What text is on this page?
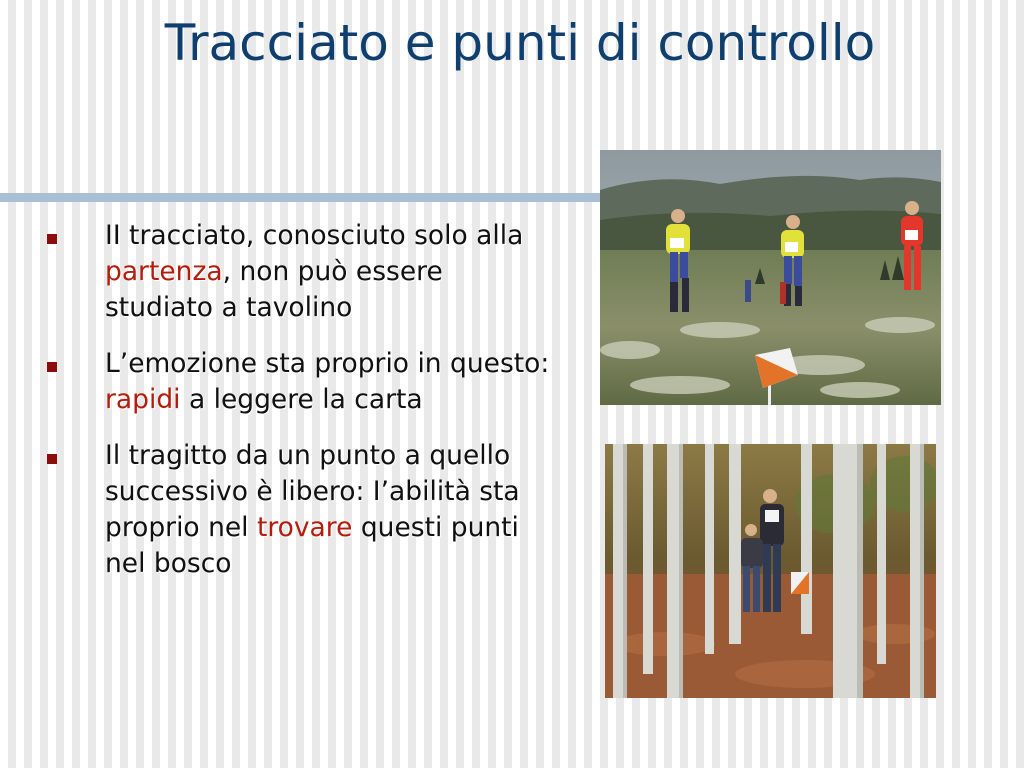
Tracciato e punti di controllo
II tracciato, conosciuto solo alla partenza, non può essere studiato a tavolino
L’emozione sta proprio in questo: rapidi a leggere la carta
Il tragitto da un punto a quello successivo è libero: I’abilità sta proprio nel trovare questi punti nel bosco
